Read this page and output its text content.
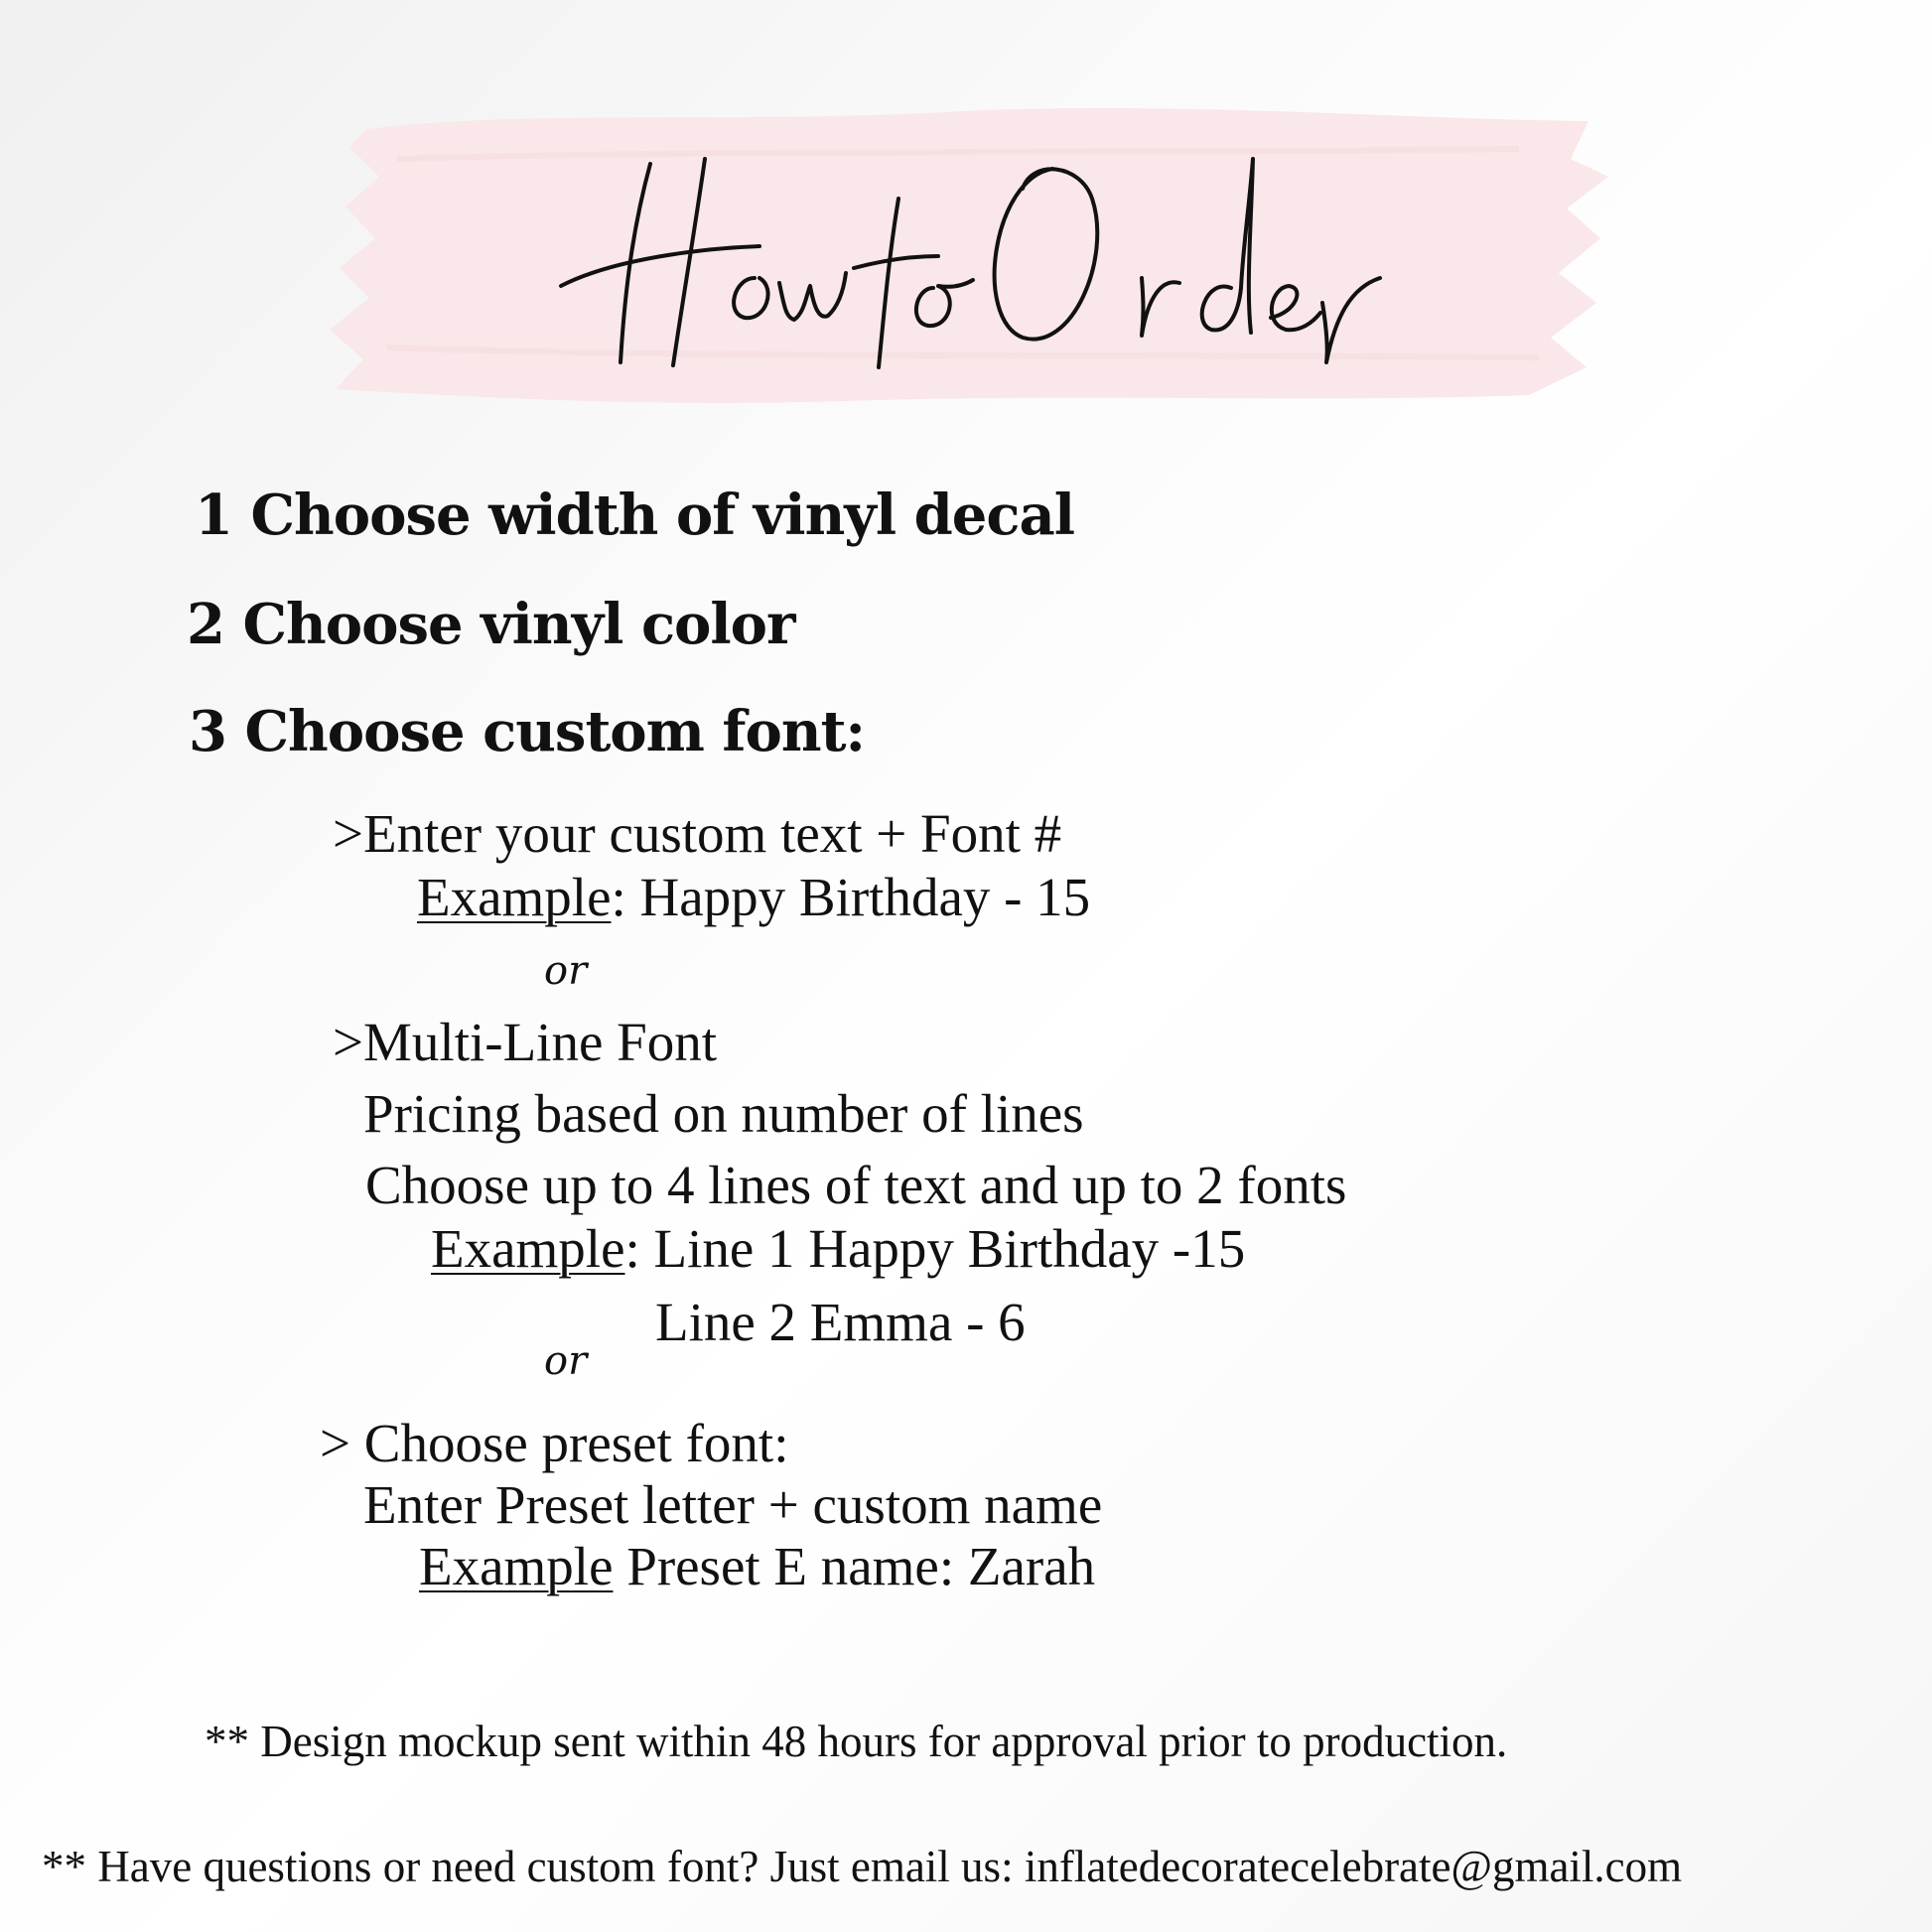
1 Choose width of vinyl decal
2 Choose vinyl color
3 Choose custom font:
>Enter your custom text + Font #
Example: Happy Birthday - 15
or
>Multi-Line Font
Pricing based on number of lines
Choose up to 4 lines of text and up to 2 fonts
Example: Line 1 Happy Birthday -15
Line 2 Emma - 6
or
> Choose preset font:
Enter Preset letter + custom name
Example Preset E name: Zarah
** Design mockup sent within 48 hours for approval prior to production.
** Have questions or need custom font? Just email us: inflatedecoratecelebrate@gmail.com
